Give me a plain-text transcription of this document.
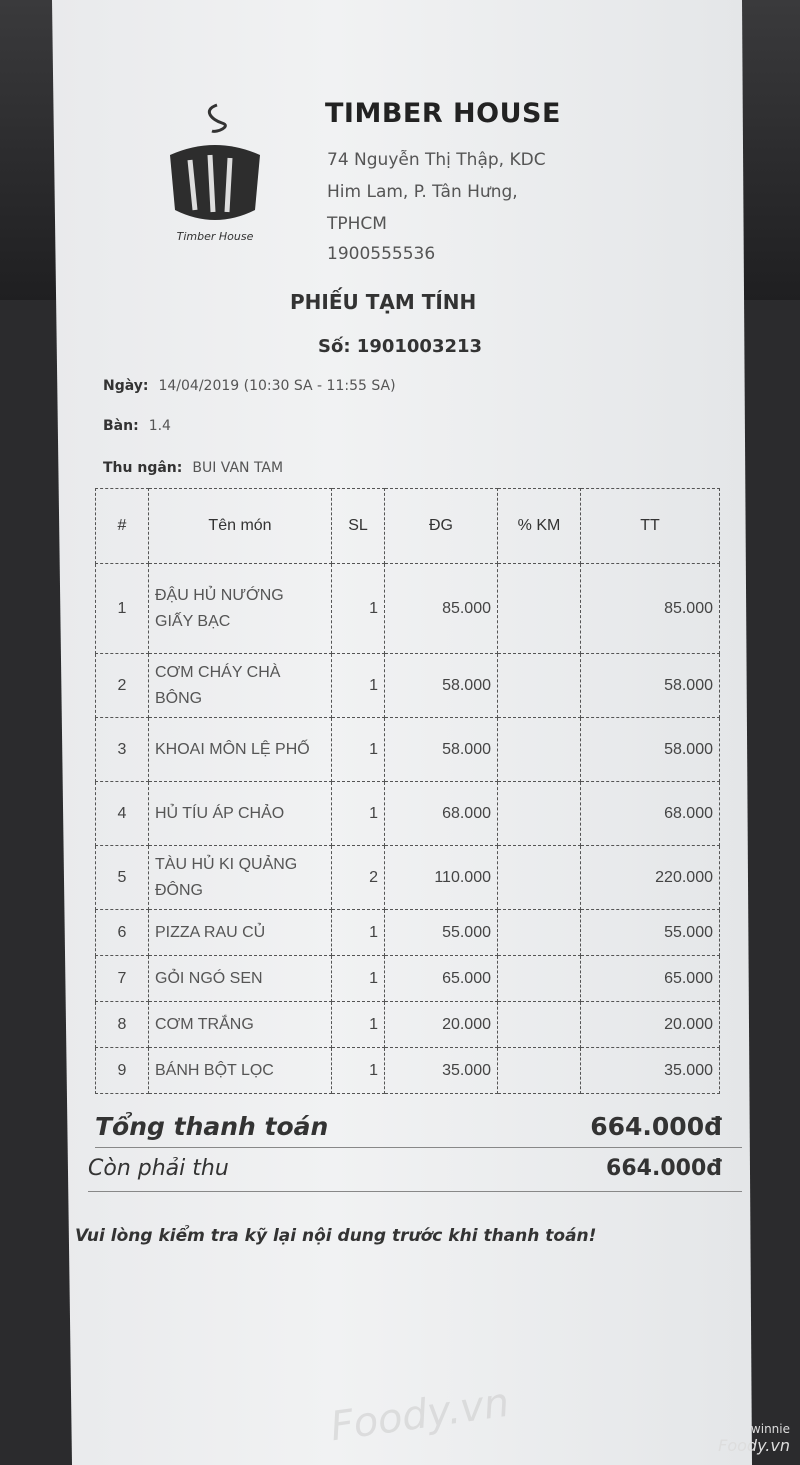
Timber House
TIMBER HOUSE
74 Nguyễn Thị Thập, KDC
Him Lam, P. Tân Hưng,
TPHCM
1900555536
PHIẾU TẠM TÍNH
Số: 1901003213
Ngày: 14/04/2019 (10:30 SA - 11:55 SA)
Bàn: 1.4
Thu ngân: BUI VAN TAM
#	Tên món	SL	ĐG	% KM	TT
1	ĐẬU HỦ NƯỚNG GIẤY BẠC	1	85.000		85.000
2	CƠM CHÁY CHÀ BÔNG	1	58.000		58.000
3	KHOAI MÔN LỆ PHỐ	1	58.000		58.000
4	HỦ TÍU ÁP CHẢO	1	68.000		68.000
5	TÀU HỦ KI QUẢNG ĐÔNG	2	110.000		220.000
6	PIZZA RAU CỦ	1	55.000		55.000
7	GỎI NGÓ SEN	1	65.000		65.000
8	CƠM TRẮNG	1	20.000		20.000
9	BÁNH BỘT LỌC	1	35.000		35.000
Tổng thanh toán	664.000đ
Còn phải thu	664.000đ
Vui lòng kiểm tra kỹ lại nội dung trước khi thanh toán!
Foody.vn	winnie
Foody.vn
